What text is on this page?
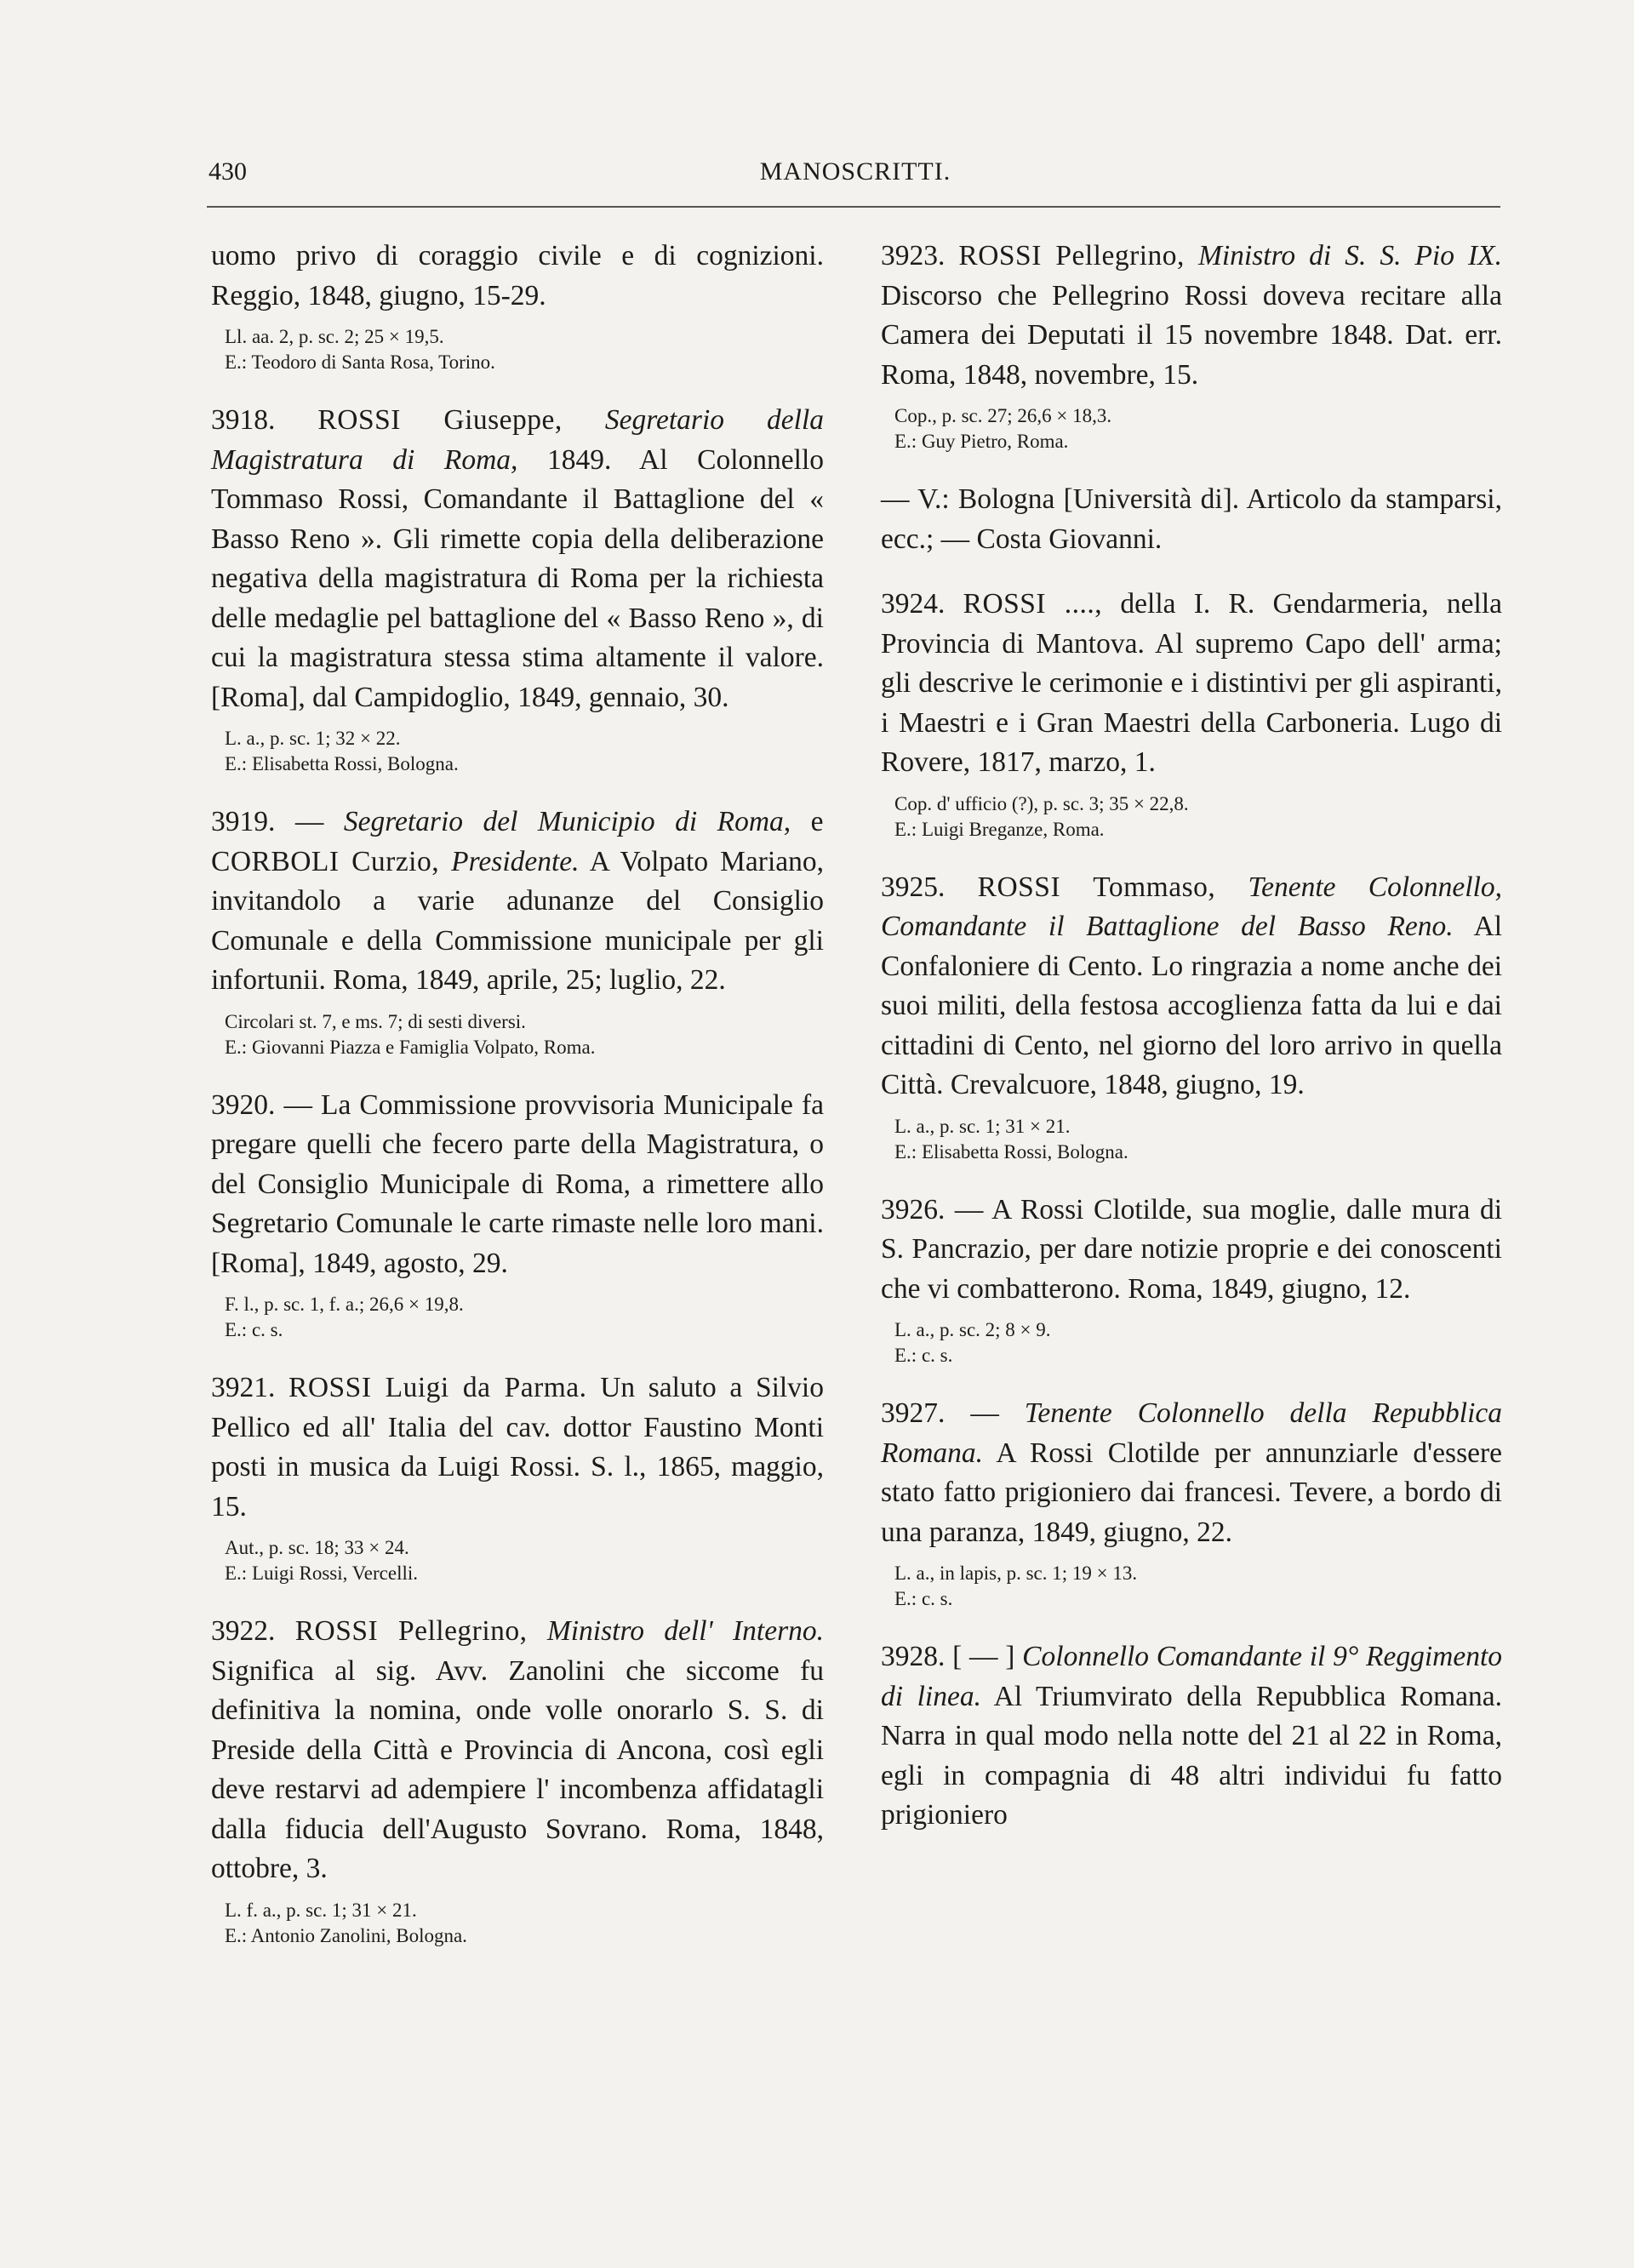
430	MANOSCRITTI.

uomo privo di coraggio civile e di cognizioni. Reggio, 1848, giugno, 15-29.

Ll. aa. 2, p. sc. 2; 25 × 19,5.
E.: Teodoro di Santa Rosa, Torino.

3918. ROSSI Giuseppe, Segretario della Magistratura di Roma, 1849. Al Colonnello Tommaso Rossi, Comandante il Battaglione del « Basso Reno ». Gli rimette copia della deliberazione negativa della magistratura di Roma per la richiesta delle medaglie pel battaglione del « Basso Reno », di cui la magistratura stessa stima altamente il valore. [Roma], dal Campidoglio, 1849, gennaio, 30.

L. a., p. sc. 1; 32 × 22.
E.: Elisabetta Rossi, Bologna.

3919. — Segretario del Municipio di Roma, e CORBOLI Curzio, Presidente. A Volpato Mariano, invitandolo a varie adunanze del Consiglio Comunale e della Commissione municipale per gli infortunii. Roma, 1849, aprile, 25; luglio, 22.

Circolari st. 7, e ms. 7; di sesti diversi.
E.: Giovanni Piazza e Famiglia Volpato, Roma.

3920. — La Commissione provvisoria Municipale fa pregare quelli che fecero parte della Magistratura, o del Consiglio Municipale di Roma, a rimettere allo Segretario Comunale le carte rimaste nelle loro mani. [Roma], 1849, agosto, 29.

F. l., p. sc. 1, f. a.; 26,6 × 19,8.
E.: c. s.

3921. ROSSI Luigi da Parma. Un saluto a Silvio Pellico ed all' Italia del cav. dottor Faustino Monti posti in musica da Luigi Rossi. S. l., 1865, maggio, 15.

Aut., p. sc. 18; 33 × 24.
E.: Luigi Rossi, Vercelli.

3922. ROSSI Pellegrino, Ministro dell' Interno. Significa al sig. Avv. Zanolini che siccome fu definitiva la nomina, onde volle onorarlo S. S. di Preside della Città e Provincia di Ancona, così egli deve restarvi ad adempiere l' incombenza affidatagli dalla fiducia dell'Augusto Sovrano. Roma, 1848, ottobre, 3.

L. f. a., p. sc. 1; 31 × 21.
E.: Antonio Zanolini, Bologna.

3923. ROSSI Pellegrino, Ministro di S. S. Pio IX. Discorso che Pellegrino Rossi doveva recitare alla Camera dei Deputati il 15 novembre 1848. Dat. err. Roma, 1848, novembre, 15.

Cop., p. sc. 27; 26,6 × 18,3.
E.: Guy Pietro, Roma.

— V.: Bologna [Università di]. Articolo da stamparsi, ecc.; — Costa Giovanni.

3924. ROSSI ...., della I. R. Gendarmeria, nella Provincia di Mantova. Al supremo Capo dell' arma; gli descrive le cerimonie e i distintivi per gli aspiranti, i Maestri e i Gran Maestri della Carboneria. Lugo di Rovere, 1817, marzo, 1.

Cop. d' ufficio (?), p. sc. 3; 35 × 22,8.
E.: Luigi Breganze, Roma.

3925. ROSSI Tommaso, Tenente Colonnello, Comandante il Battaglione del Basso Reno. Al Confaloniere di Cento. Lo ringrazia a nome anche dei suoi militi, della festosa accoglienza fatta da lui e dai cittadini di Cento, nel giorno del loro arrivo in quella Città. Crevalcuore, 1848, giugno, 19.

L. a., p. sc. 1; 31 × 21.
E.: Elisabetta Rossi, Bologna.

3926. — A Rossi Clotilde, sua moglie, dalle mura di S. Pancrazio, per dare notizie proprie e dei conoscenti che vi combatterono. Roma, 1849, giugno, 12.

L. a., p. sc. 2; 8 × 9.
E.: c. s.

3927. — Tenente Colonnello della Repubblica Romana. A Rossi Clotilde per annunziarle d'essere stato fatto prigioniero dai francesi. Tevere, a bordo di una paranza, 1849, giugno, 22.

L. a., in lapis, p. sc. 1; 19 × 13.
E.: c. s.

3928. [ — ] Colonnello Comandante il 9° Reggimento di linea. Al Triumvirato della Repubblica Romana. Narra in qual modo nella notte del 21 al 22 in Roma, egli in compagnia di 48 altri individui fu fatto prigioniero
